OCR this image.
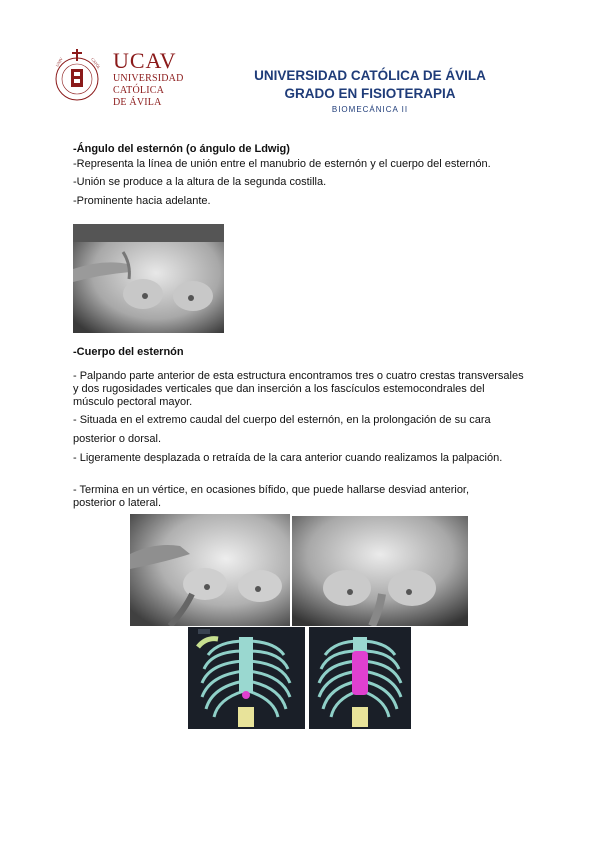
UNIV	CATÓL UCAV
UNIVERSIDAD
CATÓLICA
DE ÁVILA
UNIVERSIDAD CATÓLICA DE ÁVILA
GRADO EN FISIOTERAPIA
BIOMECÁNICA II
-Ángulo del esternón (o ángulo de Ldwig)
-Representa la línea de unión entre el manubrio de esternón y el cuerpo del esternón.
-Unión se produce a la altura de la segunda costilla.
-Prominente hacia adelante.
-Cuerpo del esternón
- Palpando parte anterior de esta estructura encontramos tres o cuatro crestas transversales y dos rugosidades verticales que dan inserción a los fascículos estemocondrales del músculo pectoral mayor.
- Situada en el extremo caudal del cuerpo del esternón, en la prolongación de su cara
posterior o dorsal.
- Ligeramente desplazada o retraída de la cara anterior cuando realizamos la palpación.
- Termina en un vértice, en ocasiones bífido, que puede hallarse desviad anterior, posterior o lateral.
